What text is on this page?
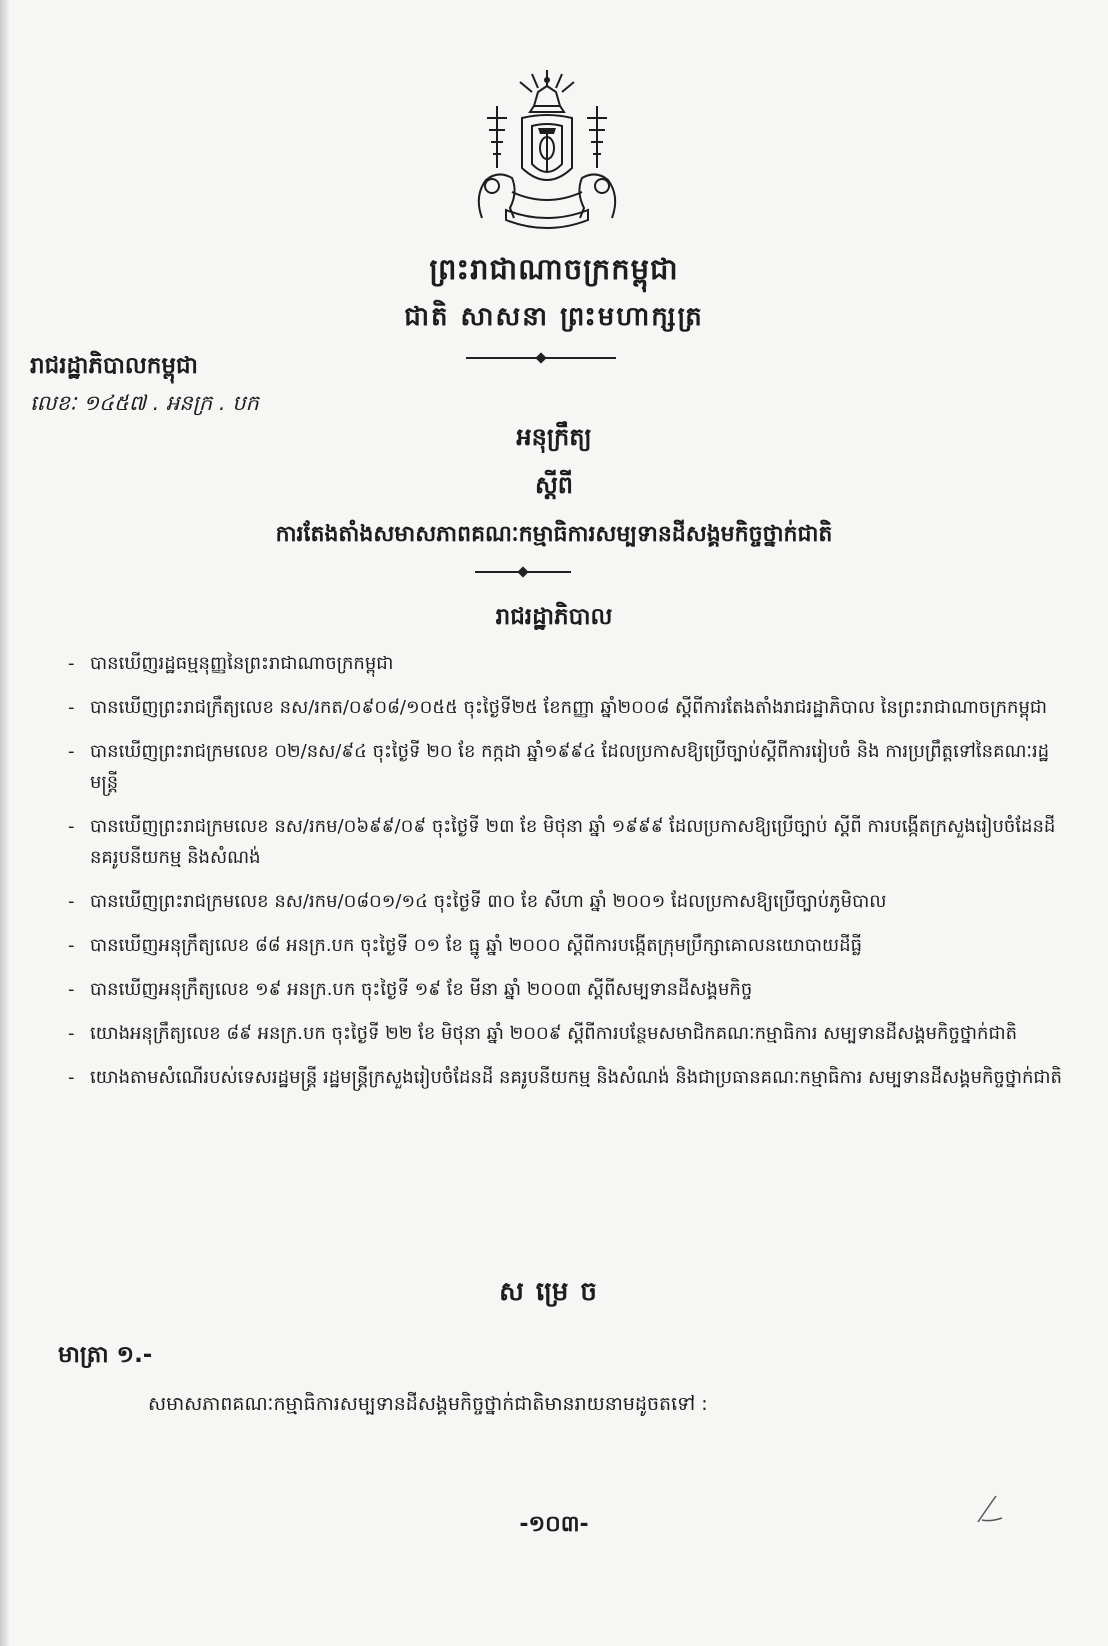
ព្រះរាជាណាចក្រកម្ពុជា
ជាតិ សាសនា ព្រះមហាក្សត្រ
រាជរដ្ឋាភិបាលកម្ពុជា
លេខៈ ១៤៥៧ . អនក្រ . បក
អនុក្រឹត្យ
ស្តីពី
ការតែងតាំងសមាសភាពគណៈកម្មាធិការសម្បទានដីសង្គមកិច្ចថ្នាក់ជាតិ
រាជរដ្ឋាភិបាល
- បានឃើញរដ្ឋធម្មនុញ្ញនៃព្រះរាជាណាចក្រកម្ពុជា
- បានឃើញព្រះរាជក្រឹត្យលេខ នស/រកត/០៩០៨/១០៥៥ ចុះថ្ងៃទី២៥ ខែកញ្ញា ឆ្នាំ២០០៨ ស្តីពីការតែងតាំងរាជរដ្ឋាភិបាល នៃព្រះរាជាណាចក្រកម្ពុជា
- បានឃើញព្រះរាជក្រមលេខ ០២/នស/៩៤ ចុះថ្ងៃទី ២០ ខែ កក្កដា ឆ្នាំ១៩៩៤ ដែលប្រកាសឱ្យប្រើច្បាប់ស្តីពីការរៀបចំ និង ការប្រព្រឹត្តទៅនៃគណៈរដ្ឋមន្ត្រី
- បានឃើញព្រះរាជក្រមលេខ នស/រកម/០៦៩៩/០៩ ចុះថ្ងៃទី ២៣ ខែ មិថុនា ឆ្នាំ ១៩៩៩ ដែលប្រកាសឱ្យប្រើច្បាប់ ស្តីពី ការបង្កើតក្រសួងរៀបចំដែនដី នគរូបនីយកម្ម និងសំណង់
- បានឃើញព្រះរាជក្រមលេខ នស/រកម/០៨០១/១៤ ចុះថ្ងៃទី ៣០ ខែ សីហា ឆ្នាំ ២០០១ ដែលប្រកាសឱ្យប្រើច្បាប់ភូមិបាល
- បានឃើញអនុក្រឹត្យលេខ ៨៨ អនក្រ.បក ចុះថ្ងៃទី ០១ ខែ ធ្នូ ឆ្នាំ ២០០០ ស្តីពីការបង្កើតក្រុមប្រឹក្សាគោលនយោបាយដីធ្លី
- បានឃើញអនុក្រឹត្យលេខ ១៩ អនក្រ.បក ចុះថ្ងៃទី ១៩ ខែ មីនា ឆ្នាំ ២០០៣ ស្តីពីសម្បទានដីសង្គមកិច្ច
- យោងអនុក្រឹត្យលេខ ៨៩ អនក្រ.បក ចុះថ្ងៃទី ២២ ខែ មិថុនា ឆ្នាំ ២០០៩ ស្តីពីការបន្ថែមសមាជិកគណៈកម្មាធិការ សម្បទានដីសង្គមកិច្ចថ្នាក់ជាតិ
- យោងតាមសំណើរបស់ទេសរដ្ឋមន្ត្រី រដ្ឋមន្ត្រីក្រសួងរៀបចំដែនដី នគរូបនីយកម្ម និងសំណង់ និងជាប្រធានគណៈកម្មាធិការ សម្បទានដីសង្គមកិច្ចថ្នាក់ជាតិ
សម្រេច
មាត្រា ១.-
សមាសភាពគណៈកម្មាធិការសម្បទានដីសង្គមកិច្ចថ្នាក់ជាតិមានរាយនាមដូចតទៅ :
-១០៣-
